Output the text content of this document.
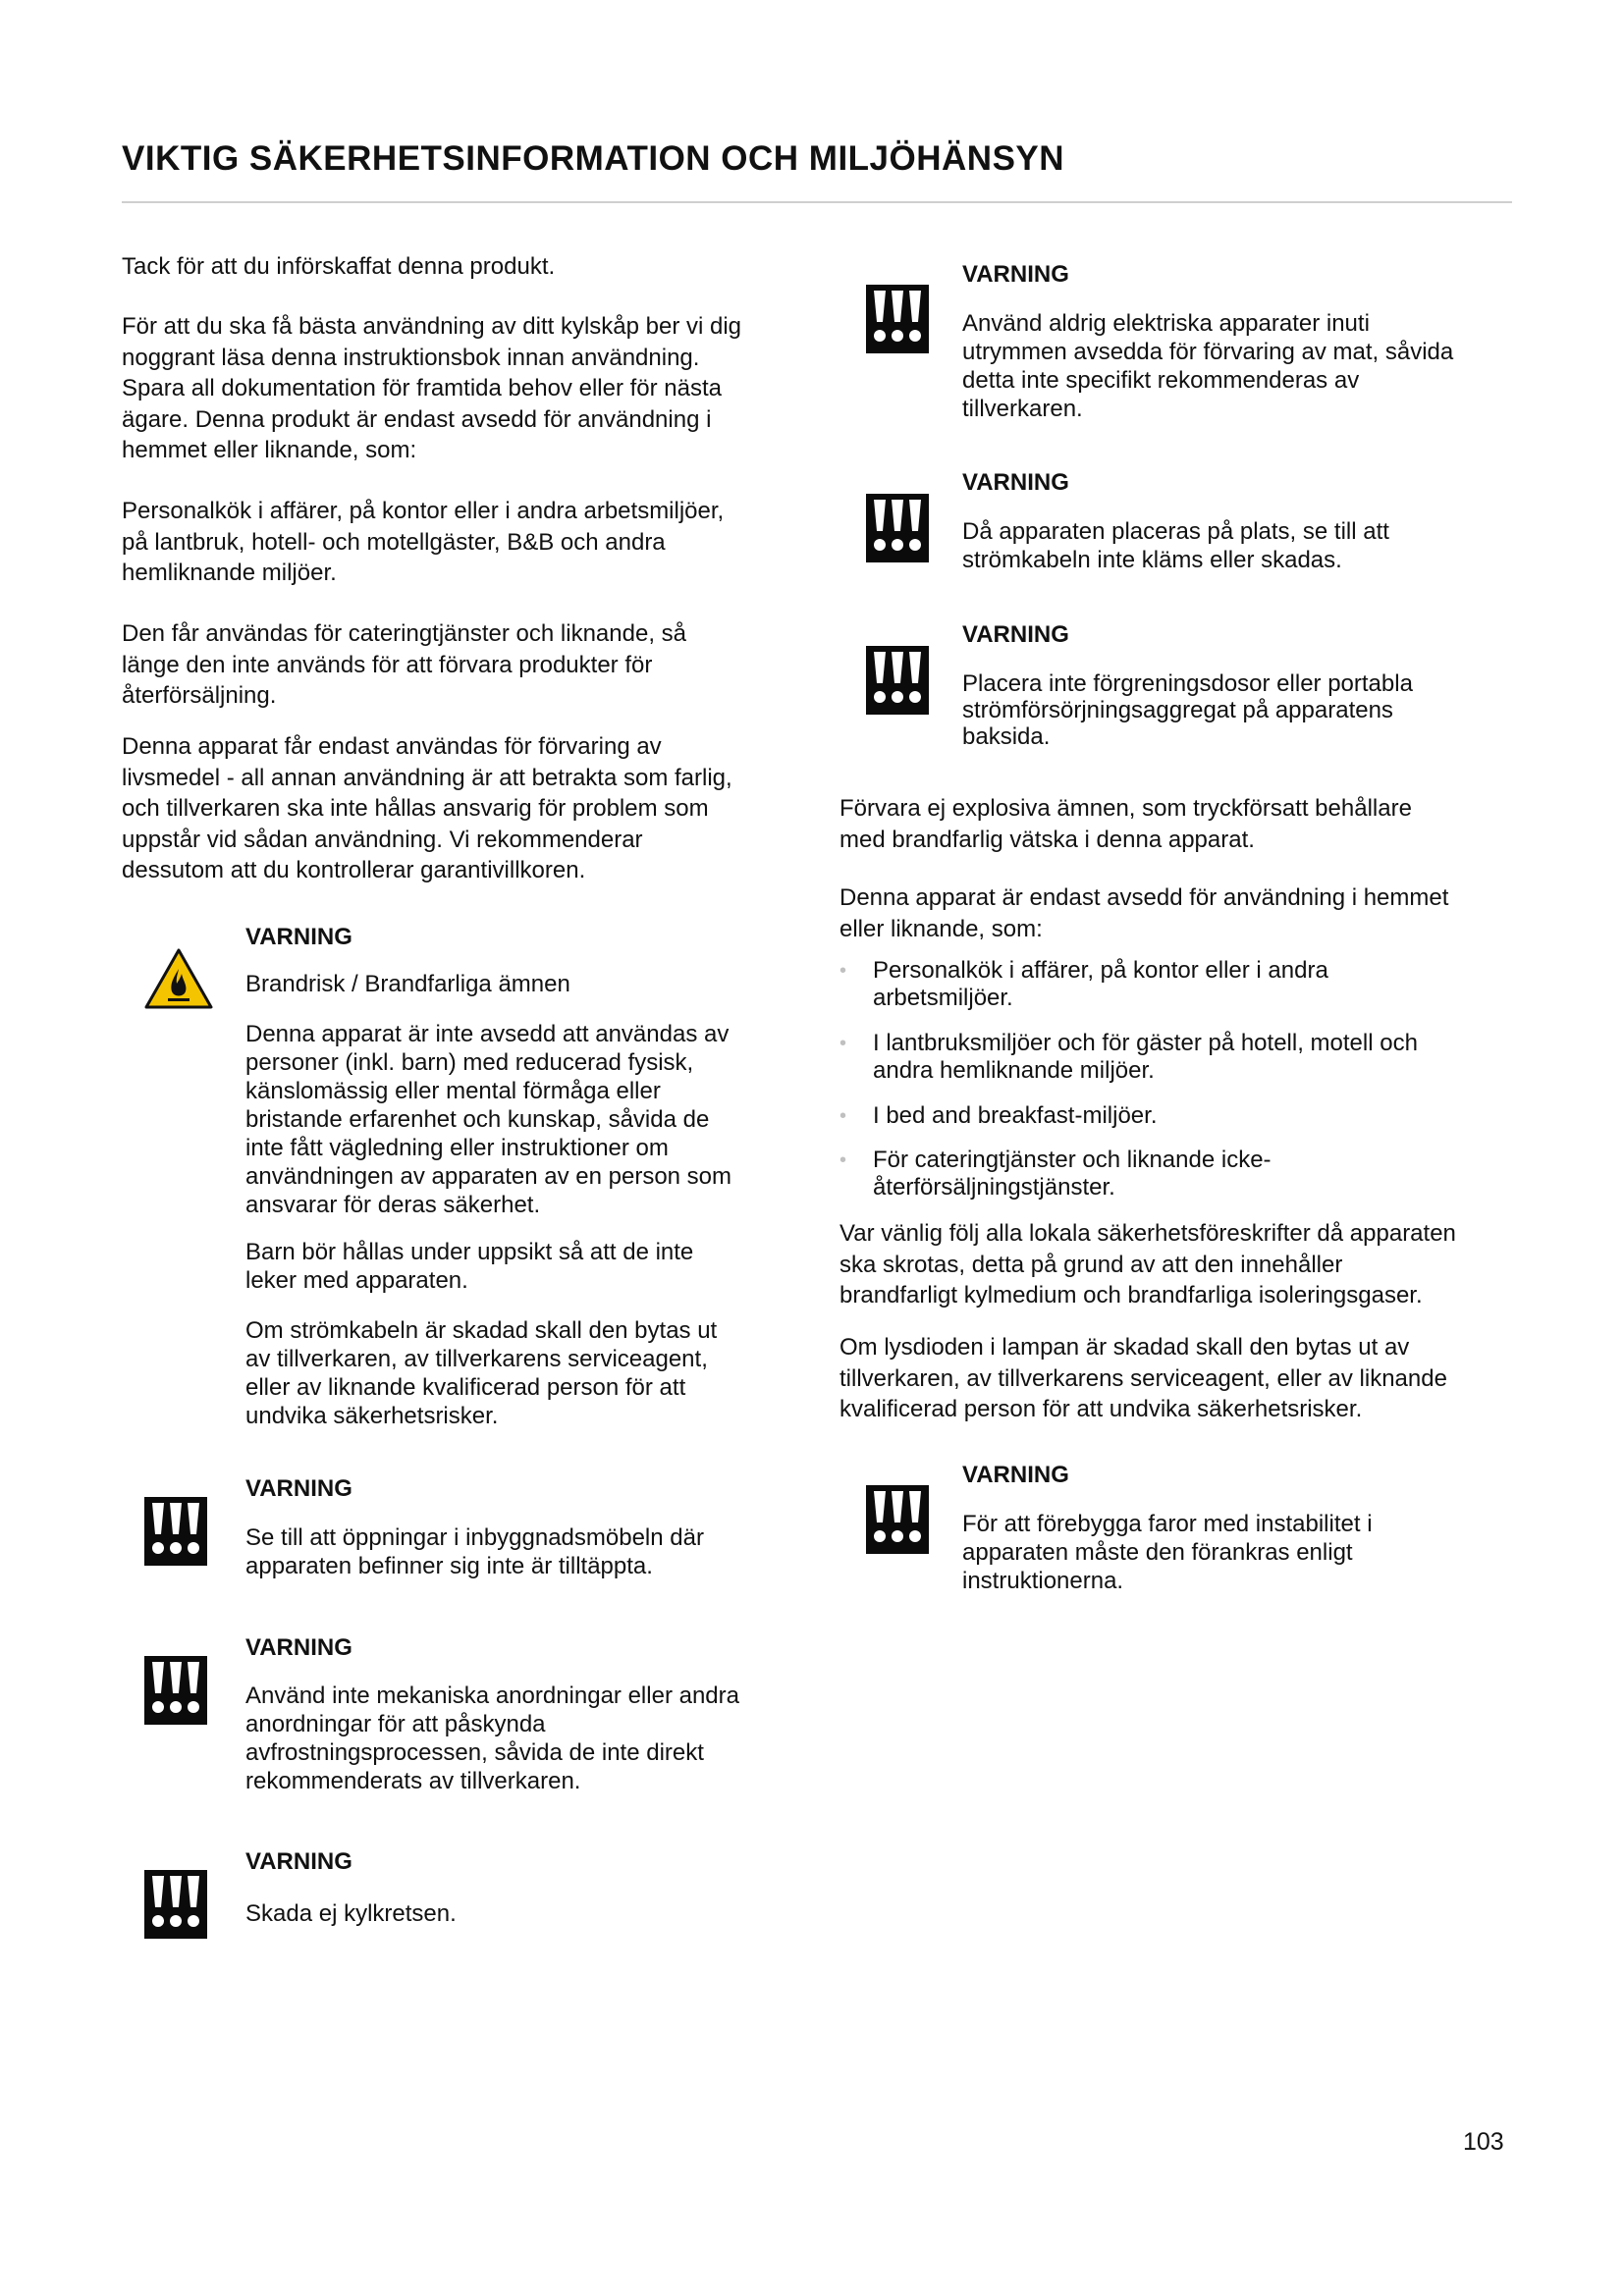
VIKTIG SÄKERHETSINFORMATION OCH MILJÖHÄNSYN
Tack för att du införskaffat denna produkt.
För att du ska få bästa användning av ditt kylskåp ber vi dig
noggrant läsa denna instruktionsbok innan användning.
Spara all dokumentation för framtida behov eller för nästa
ägare. Denna produkt är endast avsedd för användning i
hemmet eller liknande, som:
Personalkök i affärer, på kontor eller i andra arbetsmiljöer,
på lantbruk, hotell- och motellgäster, B&B och andra
hemliknande miljöer.
Den får användas för cateringtjänster och liknande, så
länge den inte används för att förvara produkter för
återförsäljning.
Denna apparat får endast användas för förvaring av
livsmedel - all annan användning är att betrakta som farlig,
och tillverkaren ska inte hållas ansvarig för problem som
uppstår vid sådan användning. Vi rekommenderar
dessutom att du kontrollerar garantivillkoren.
VARNING
Brandrisk / Brandfarliga ämnen
Denna apparat är inte avsedd att användas av
personer (inkl. barn) med reducerad fysisk,
känslomässig eller mental förmåga eller
bristande erfarenhet och kunskap, såvida de
inte fått vägledning eller instruktioner om
användningen av apparaten av en person som
ansvarar för deras säkerhet.
Barn bör hållas under uppsikt så att de inte
leker med apparaten.
Om strömkabeln är skadad skall den bytas ut
av tillverkaren, av tillverkarens serviceagent,
eller av liknande kvalificerad person för att
undvika säkerhetsrisker.
VARNING
Se till att öppningar i inbyggnadsmöbeln där
apparaten befinner sig inte är tilltäppta.
VARNING
Använd inte mekaniska anordningar eller andra
anordningar för att påskynda
avfrostningsprocessen, såvida de inte direkt
rekommenderats av tillverkaren.
VARNING
Skada ej kylkretsen.
VARNING
Använd aldrig elektriska apparater inuti
utrymmen avsedda för förvaring av mat, såvida
detta inte specifikt rekommenderas av
tillverkaren.
VARNING
Då apparaten placeras på plats, se till att
strömkabeln inte kläms eller skadas.
VARNING
Placera inte förgreningsdosor eller portabla
strömförsörjningsaggregat på apparatens
baksida.
Förvara ej explosiva ämnen, som tryckförsatt behållare
med brandfarlig vätska i denna apparat.
Denna apparat är endast avsedd för användning i hemmet
eller liknande, som:
• Personalkök i affärer, på kontor eller i andra
arbetsmiljöer.
• I lantbruksmiljöer och för gäster på hotell, motell och
andra hemliknande miljöer.
• I bed and breakfast-miljöer.
• För cateringtjänster och liknande icke-
återförsäljningstjänster.
Var vänlig följ alla lokala säkerhetsföreskrifter då apparaten
ska skrotas, detta på grund av att den innehåller
brandfarligt kylmedium och brandfarliga isoleringsgaser.
Om lysdioden i lampan är skadad skall den bytas ut av
tillverkaren, av tillverkarens serviceagent, eller av liknande
kvalificerad person för att undvika säkerhetsrisker.
VARNING
För att förebygga faror med instabilitet i
apparaten måste den förankras enligt
instruktionerna.
103
